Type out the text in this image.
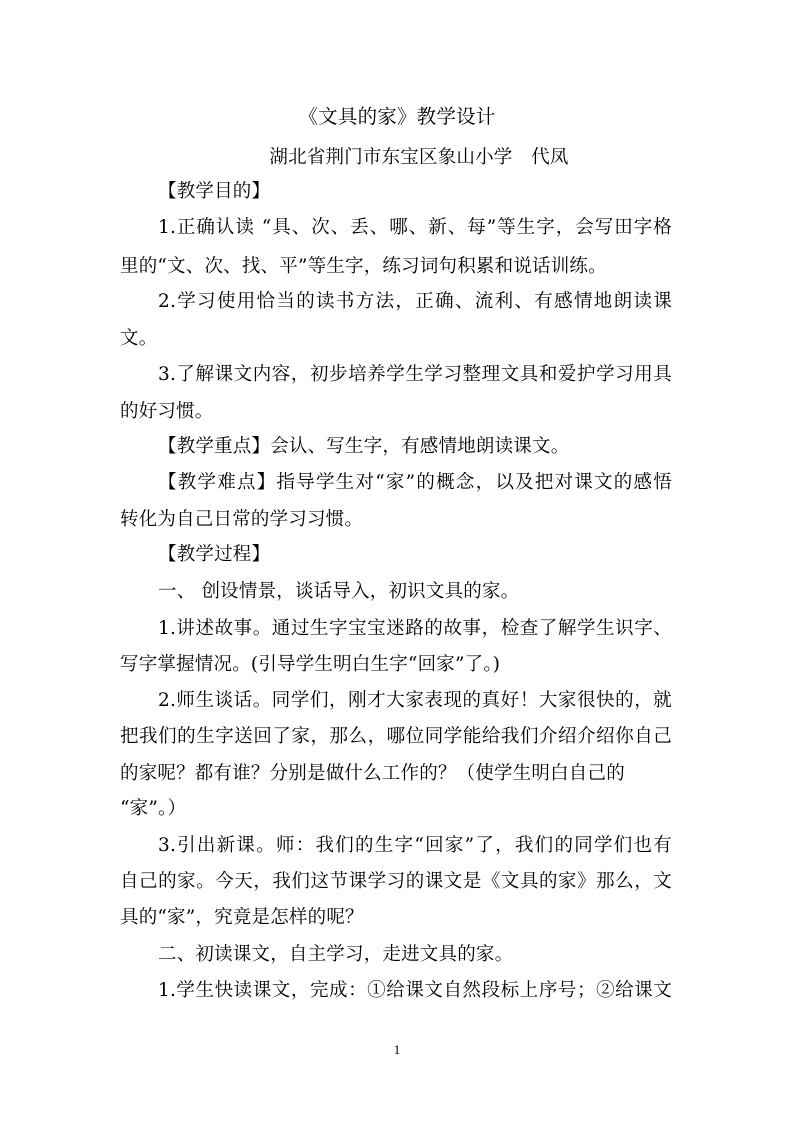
《文具的家》教学设计
湖北省荆门市东宝区象山小学　代凤
【教学目的】
1.正确认读 “具、次、丢、哪、新、每”等生字，会写田字格
里的“文、次、找、平”等生字，练习词句积累和说话训练。
2.学习使用恰当的读书方法，正确、流利、有感情地朗读课
文。
3.了解课文内容，初步培养学生学习整理文具和爱护学习用具
的好习惯。
【教学重点】会认、写生字，有感情地朗读课文。
【教学难点】指导学生对“家”的概念，以及把对课文的感悟
转化为自己日常的学习习惯。
【教学过程】
一、 创设情景，谈话导入，初识文具的家。
1.讲述故事。通过生字宝宝迷路的故事，检查了解学生识字、
写字掌握情况。(引导学生明白生字“回家”了。)
2.师生谈话。同学们，刚才大家表现的真好！大家很快的，就
把我们的生字送回了家，那么，哪位同学能给我们介绍介绍你自己
的家呢？都有谁？分别是做什么工作的？（使学生明白自己的
“家”。）
3.引出新课。师：我们的生字“回家”了，我们的同学们也有
自己的家。今天，我们这节课学习的课文是《文具的家》那么，文
具的“家”，究竟是怎样的呢？
二、初读课文，自主学习，走进文具的家。
1.学生快读课文，完成：①给课文自然段标上序号；②给课文
1
